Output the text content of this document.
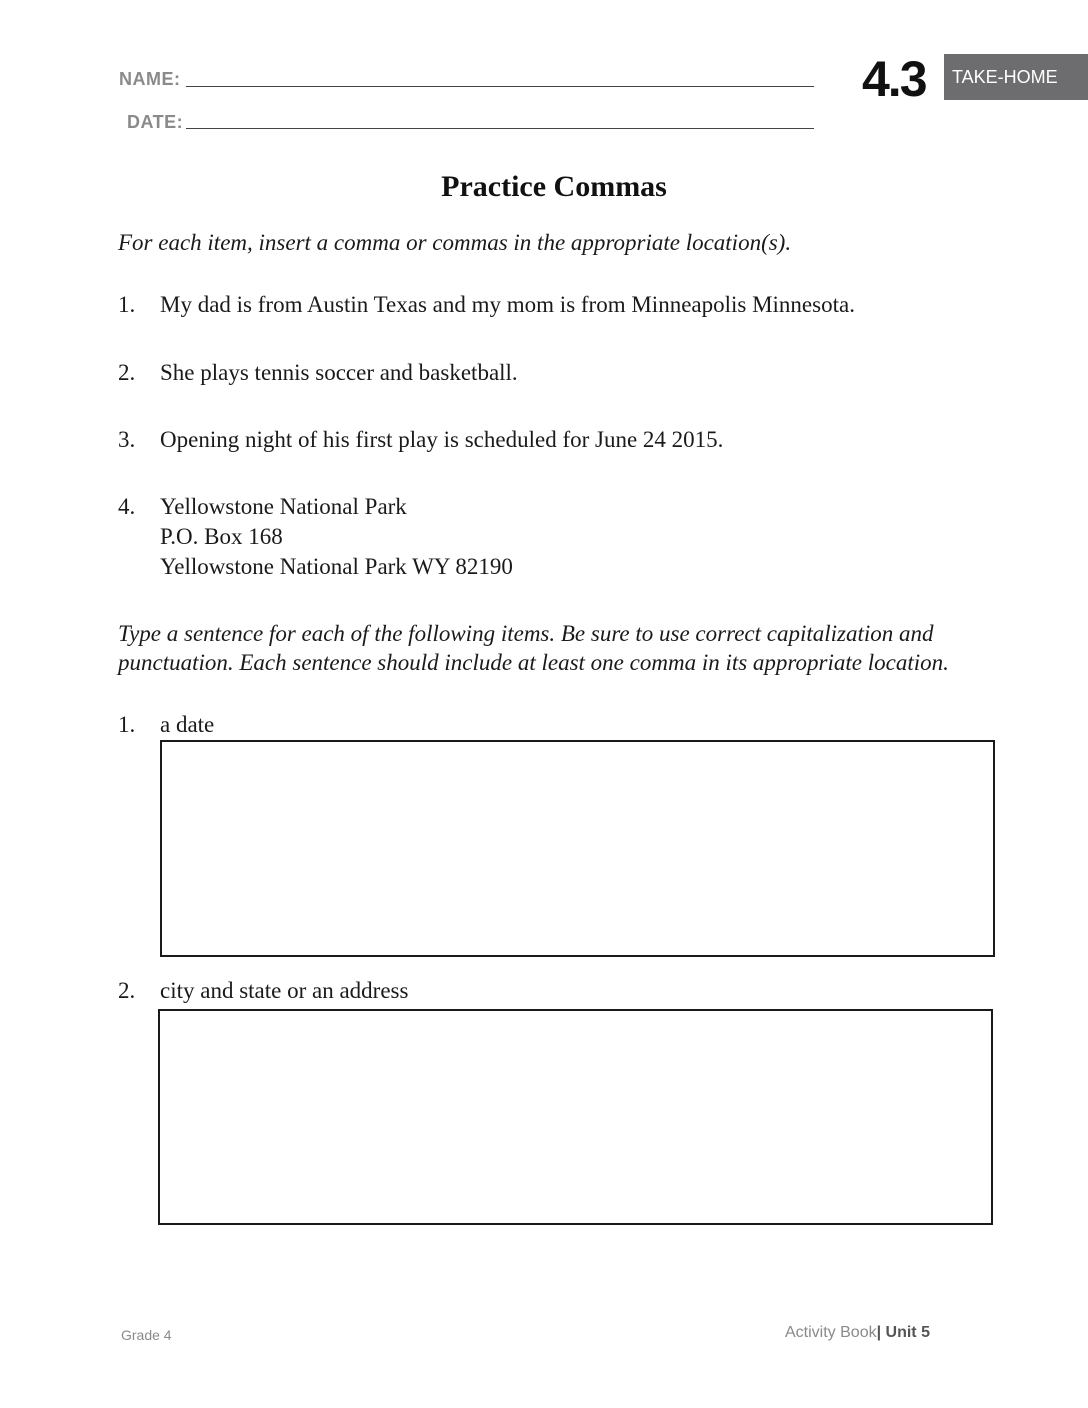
NAME:
DATE:
4.3	TAKE-HOME
Practice Commas
For each item, insert a comma or commas in the appropriate location(s).
1. My dad is from Austin Texas and my mom is from Minneapolis Minnesota.
2. She plays tennis soccer and basketball.
3. Opening night of his first play is scheduled for June 24 2015.
4. Yellowstone National Park
P.O. Box 168
Yellowstone National Park WY 82190
Type a sentence for each of the following items. Be sure to use correct capitalization and
punctuation. Each sentence should include at least one comma in its appropriate location.
1. a date
2. city and state or an address
Grade 4	Activity Book| Unit 5
